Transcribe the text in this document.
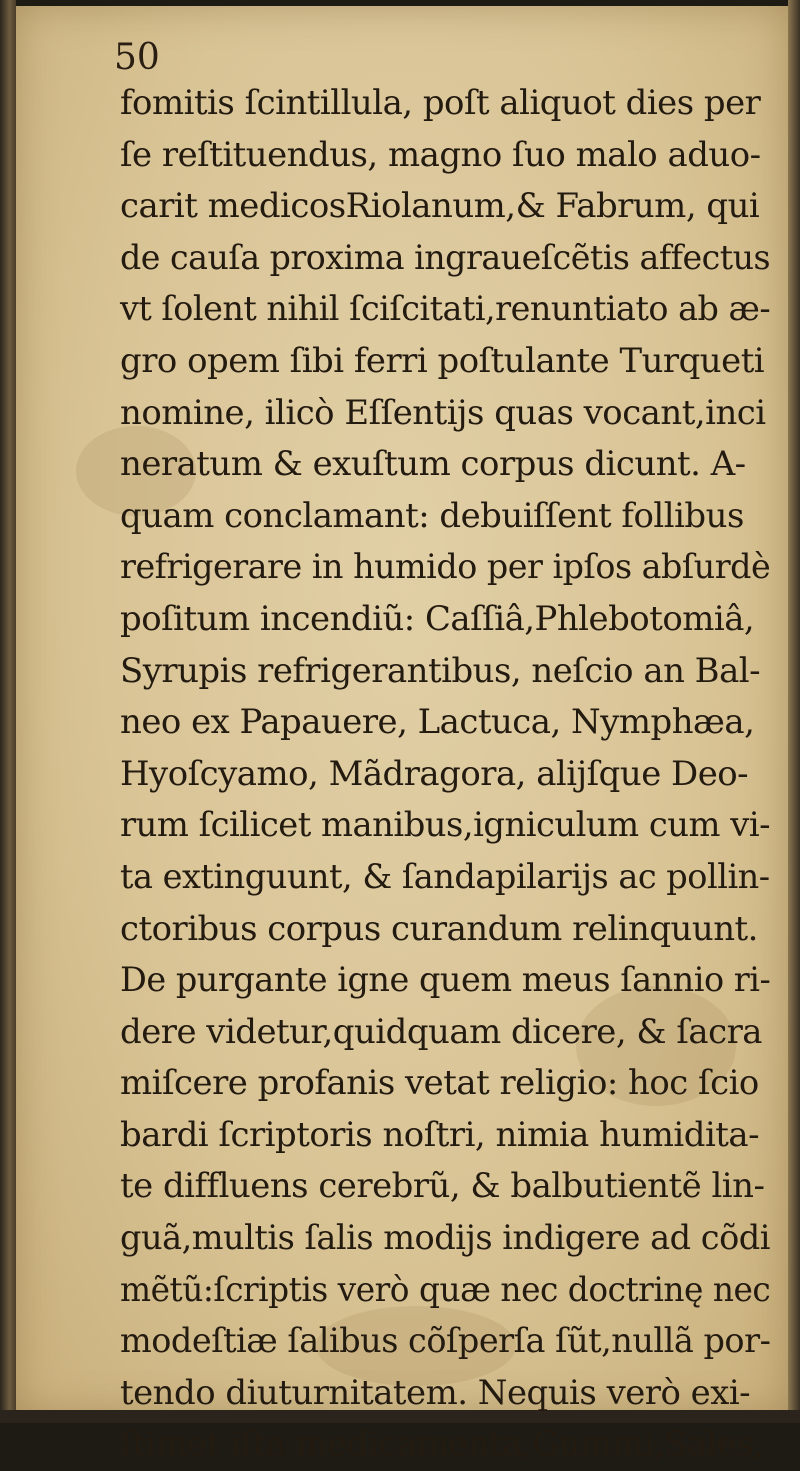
50
fomitis ſcintillula, poſt aliquot dies per
ſe reſtituendus, magno ſuo malo aduo-
carit medicosRiolanum,& Fabrum, qui
de cauſa proxima ingraueſcẽtis affectus
vt ſolent nihil ſciſcitati,renuntiato ab æ-
gro opem ſibi ferri poſtulante Turqueti
nomine, ilicò Eſſentijs quas vocant,inci
neratum & exuſtum corpus dicunt. A-
quam conclamant: debuiſſent follibus
refrigerare in humido per ipſos abſurdè
poſitum incendiũ: Caſſiâ,Phlebotomiâ,
Syrupis refrigerantibus, neſcio an Bal-
neo ex Papauere, Lactuca, Nymphæa,
Hyoſcyamo, Mãdragora, alijſque Deo-
rum ſcilicet manibus,igniculum cum vi-
ta extinguunt, & ſandapilarijs ac pollin-
ctoribus corpus curandum relinquunt.
De purgante igne quem meus ſannio ri-
dere videtur,quidquam dicere, & ſacra
miſcere profanis vetat religio: hoc ſcio
bardi ſcriptoris noſtri, nimia humidita-
te diffluens cerebrũ, & balbutientẽ lin-
guã,multis ſalis modijs indigere ad cõdi
mẽtũ:ſcriptis verò quæ nec doctrinę nec
modeſtiæ ſalibus cõſperſa ſũt,nullã por-
tendo diuturnitatem. Nequis verò exi-
ſtimet iſta medicamenta,Gummi,Sales,
